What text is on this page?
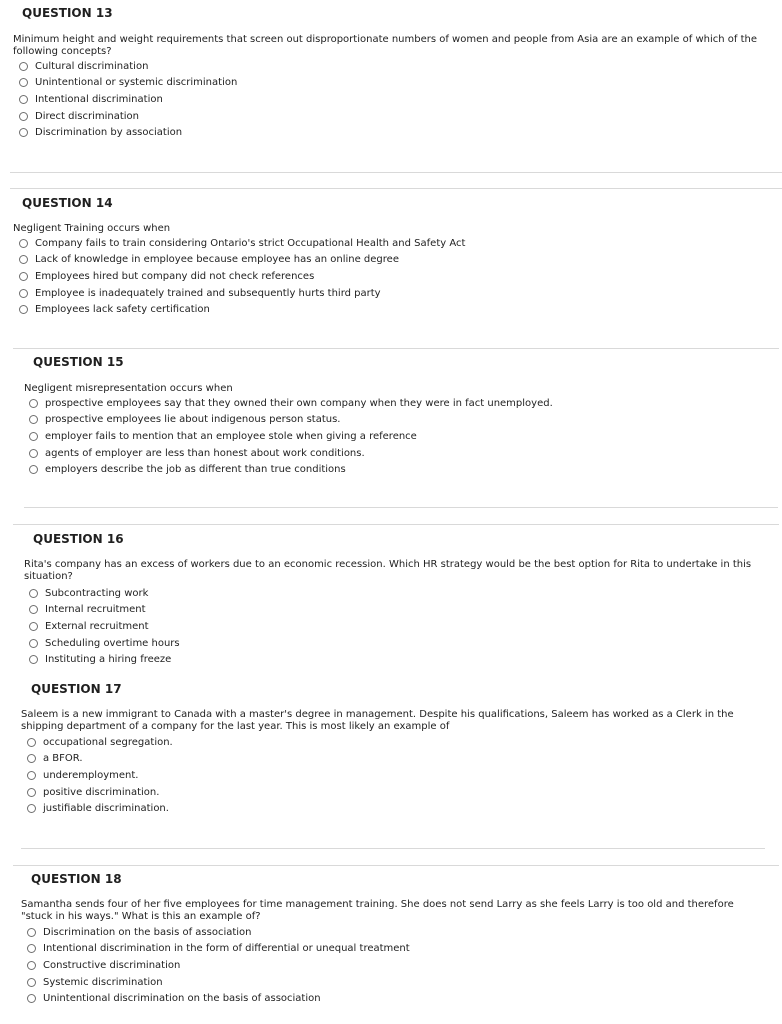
QUESTION 13
Minimum height and weight requirements that screen out disproportionate numbers of women and people from Asia are an example of which of the following concepts?
Cultural discrimination
Unintentional or systemic discrimination
Intentional discrimination
Direct discrimination
Discrimination by association
QUESTION 14
Negligent Training occurs when
Company fails to train considering Ontario's strict Occupational Health and Safety Act
Lack of knowledge in employee because employee has an online degree
Employees hired but company did not check references
Employee is inadequately trained and subsequently hurts third party
Employees lack safety certification
QUESTION 15
Negligent misrepresentation occurs when
prospective employees say that they owned their own company when they were in fact unemployed.
prospective employees lie about indigenous person status.
employer fails to mention that an employee stole when giving a reference
agents of employer are less than honest about work conditions.
employers describe the job as different than true conditions
QUESTION 16
Rita's company has an excess of workers due to an economic recession. Which HR strategy would be the best option for Rita to undertake in this situation?
Subcontracting work
Internal recruitment
External recruitment
Scheduling overtime hours
Instituting a hiring freeze
QUESTION 17
Saleem is a new immigrant to Canada with a master's degree in management. Despite his qualifications, Saleem has worked as a Clerk in the shipping department of a company for the last year. This is most likely an example of
occupational segregation.
a BFOR.
underemployment.
positive discrimination.
justifiable discrimination.
QUESTION 18
Samantha sends four of her five employees for time management training. She does not send Larry as she feels Larry is too old and therefore "stuck in his ways." What is this an example of?
Discrimination on the basis of association
Intentional discrimination in the form of differential or unequal treatment
Constructive discrimination
Systemic discrimination
Unintentional discrimination on the basis of association
